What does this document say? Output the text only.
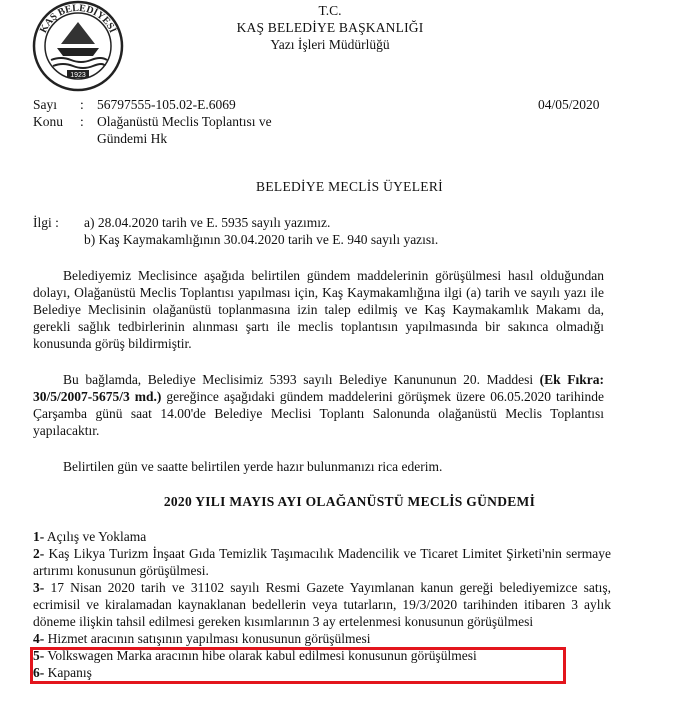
KAŞ BELEDİYESİ
1923
T.C.
KAŞ BELEDİYE BAŞKANLIĞI
Yazı İşleri Müdürlüğü
Sayı : 56797555-105.02-E.6069
Konu : Olağanüstü Meclis Toplantısı ve
Gündemi Hk
04/05/2020
BELEDİYE MECLİS ÜYELERİ
İlgi : a) 28.04.2020 tarih ve E. 5935 sayılı yazımız.
b) Kaş Kaymakamlığının 30.04.2020 tarih ve E. 940 sayılı yazısı.
Belediyemiz Meclisince aşağıda belirtilen gündem maddelerinin görüşülmesi hasıl olduğundan dolayı, Olağanüstü Meclis Toplantısı yapılması için, Kaş Kaymakamlığına ilgi (a) tarih ve sayılı yazı ile Belediye Meclisinin olağanüstü toplanmasına izin talep edilmiş ve Kaş Kaymakamlık Makamı da, gerekli sağlık tedbirlerinin alınması şartı ile meclis toplantısın yapılmasında bir sakınca olmadığı konusunda görüş bildirmiştir.
Bu bağlamda, Belediye Meclisimiz 5393 sayılı Belediye Kanununun 20. Maddesi (Ek Fıkra: 30/5/2007-5675/3 md.) gereğince aşağıdaki gündem maddelerini görüşmek üzere 06.05.2020 tarihinde Çarşamba günü saat 14.00'de Belediye Meclisi Toplantı Salonunda olağanüstü Meclis Toplantısı yapılacaktır.
Belirtilen gün ve saatte belirtilen yerde hazır bulunmanızı rica ederim.
2020 YILI MAYIS AYI OLAĞANÜSTÜ MECLİS GÜNDEMİ
1- Açılış ve Yoklama
2- Kaş Likya Turizm İnşaat Gıda Temizlik Taşımacılık Madencilik ve Ticaret Limitet Şirketi'nin sermaye artırımı konusunun görüşülmesi.
3- 17 Nisan 2020 tarih ve 31102 sayılı Resmi Gazete Yayımlanan kanun gereği belediyemizce satış, ecrimisil ve kiralamadan kaynaklanan bedellerin veya tutarların, 19/3/2020 tarihinden itibaren 3 aylık döneme ilişkin tahsil edilmesi gereken kısımlarının 3 ay ertelenmesi konusunun görüşülmesi
4- Hizmet aracının satışının yapılması konusunun görüşülmesi
5- Volkswagen Marka aracının hibe olarak kabul edilmesi konusunun görüşülmesi
6- Kapanış
